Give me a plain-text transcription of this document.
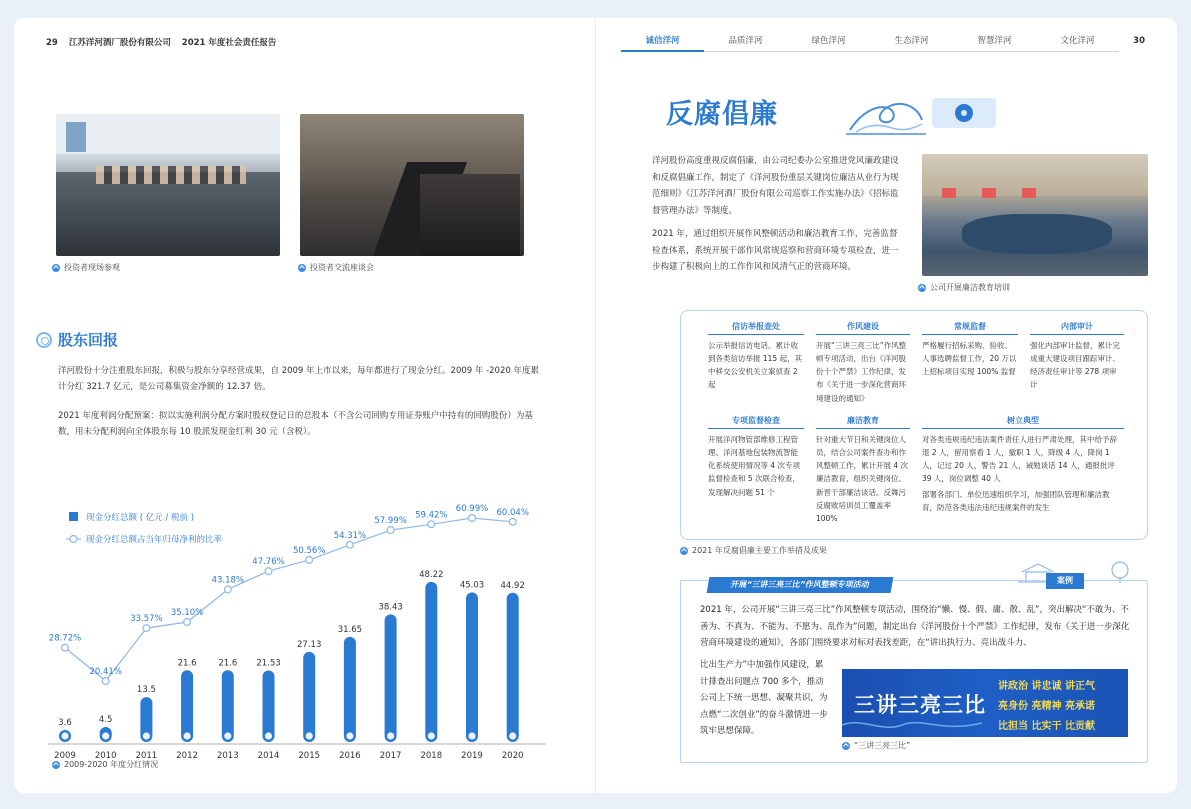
29 江苏洋河酒厂股份有限公司 2021 年度社会责任报告
投资者现场参观	投资者交流座谈会
股东回报
洋河股份十分注重股东回报，积极与股东分享经营成果，自 2009 年上市以来，每年都进行了现金分红。2009 年 -2020 年度累计分红 321.7 亿元，是公司募集资金净额的 12.37 倍。
2021 年度利润分配预案：拟以实施利润分配方案时股权登记日的总股本（不含公司回购专用证券账户中持有的回购股份）为基数，用未分配利润向全体股东每 10 股派发现金红利 30 元（含税）。
现金分红总额 ( 亿元 / 税前 )
现金分红总额占当年归母净利的比率
3.6
2009
4.5
2010
13.5
2011
21.6
2012
21.6
2013
21.53
2014
27.13
2015
31.65
2016
38.43
2017
48.22
2018
45.03
2019
44.92
2020
28.72%
20.41%
33.57%
35.10%
43.18%
47.76%
50.56%
54.31%
57.99%
59.42%
60.99% 60.04%
2009-2020 年度分红情况
诚信洋河	品质洋河	绿色洋河	生态洋河	智慧洋河	文化洋河	30
反腐倡廉
洋河股份高度重视反腐倡廉，由公司纪委办公室推进党风廉政建设和反腐倡廉工作，制定了《洋河股份重层关键岗位廉洁从业行为规范细则》《江苏洋河酒厂股份有限公司巡察工作实施办法》《招标监督管理办法》等制度。
2021 年，通过组织开展作风整顿活动和廉洁教育工作，完善监督检查体系，系统开展干部作风常规巡察和营商环境专项检查，进一步构建了积极向上的工作作风和风清气正的营商环境。
公司开展廉洁教育培训
信访举报查处
公示举报信访电话。累计收到各类信访举报 115 起，其中移交公安机关立案侦查 2 起
作风建设
开展“三讲三亮三比”作风整顿专项活动，出台《洋河股份十个严禁》工作纪律，发布《关于进一步深化营商环境建设的通知》
常规监督
严格履行招标采购、验收、人事选聘监督工作，20 万以上招标项目实现 100% 监督
内部审计
强化内部审计监督，累计完成重大建设项目跟踪审计、经济责任审计等 278 项审计
专项监督检查
开展洋河物管部维修工程管理、洋河基地包装物流智能化系统使用情况等 4 次专项监督检查和 5 次联合检查，发现解决问题 51 个
廉洁教育
针对重大节日和关键岗位人员，结合公司案件查办和作风整顿工作，累计开展 4 次廉洁教育，组织关键岗位、新晋干部廉洁谈话。反舞污反腐败培训员工覆盖率 100%
树立典型
对各类违规违纪违法案件责任人进行严肃处理，其中给予辞退 2 人，留用察看 1 人，撤职 1 人，降级 4 人，降岗 1 人，记过 20 人，警告 21 人，诫勉谈话 14 人，通报批评 39 人，岗位调整 40 人
部署各部门、单位迅速组织学习，加强团队管理和廉洁教育，防范各类违法违纪违规案件的发生
2021 年反腐倡廉主要工作举措及成果
开展“三讲三亮三比”作风整顿专项活动	案例
2021 年，公司开展“三讲三亮三比”作风整顿专项活动，围绕治“懒、慢、假、庸、散、乱”，突出解决“不敢为、不善为、不真为、不能为、不愿为、乱作为”问题，制定出台《洋河股份十个严禁》工作纪律，发布《关于进一步深化营商环境建设的通知》，各部门围绕要求对标对表找差距，在“讲出执行力、亮出战斗力、
比出生产力”中加强作风建设，累计排查出问题点 700 多个，推动公司上下统一思想、凝聚共识，为点燃“二次创业”的奋斗激情进一步筑牢思想保障。
三讲三亮三比
讲政治 讲忠诚 讲正气
亮身份 亮精神 亮承诺
比担当 比实干 比贡献
“三讲三亮三比”
